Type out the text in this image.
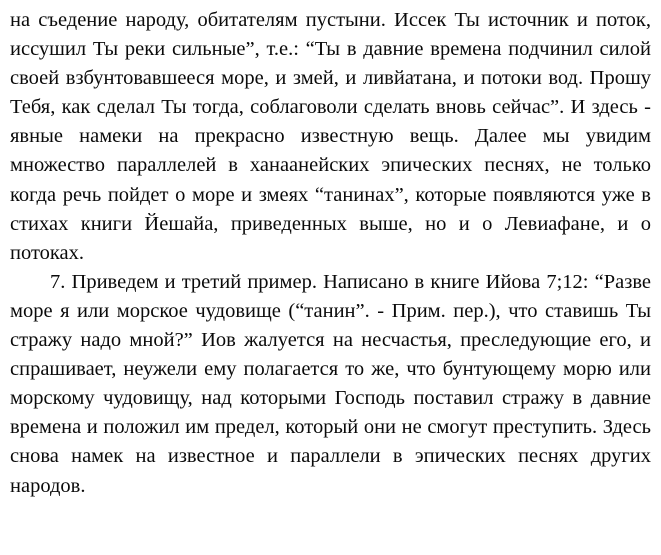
на съедение народу, обитателям пустыни. Иссек Ты источник и поток, иссушил Ты реки сильные”, т.е.: “Ты в давние времена подчинил силой своей взбунтовавшееся море, и змей, и ливйатана, и потоки вод. Прошу Тебя, как сделал Ты тогда, соблаговоли сделать вновь сейчас”. И здесь - явные намеки на прекрасно известную вещь. Далее мы увидим множество параллелей в ханаанейских эпических песнях, не только когда речь пойдет о море и змеях “танинах”, которые появляются уже в стихах книги Йешайа, приведенных выше, но и о Левиафане, и о потоках.

7. Приведем и третий пример. Написано в книге Ийова 7;12: “Разве море я или морское чудовище (“танин”. - Прим. пер.), что ставишь Ты стражу надо мной?” Иов жалуется на несчастья, преследующие его, и спрашивает, неужели ему полагается то же, что бунтующему морю или морскому чудовищу, над которыми Господь поставил стражу в давние времена и положил им предел, который они не смогут преступить. Здесь снова намек на известное и параллели в эпических песнях других народов.
